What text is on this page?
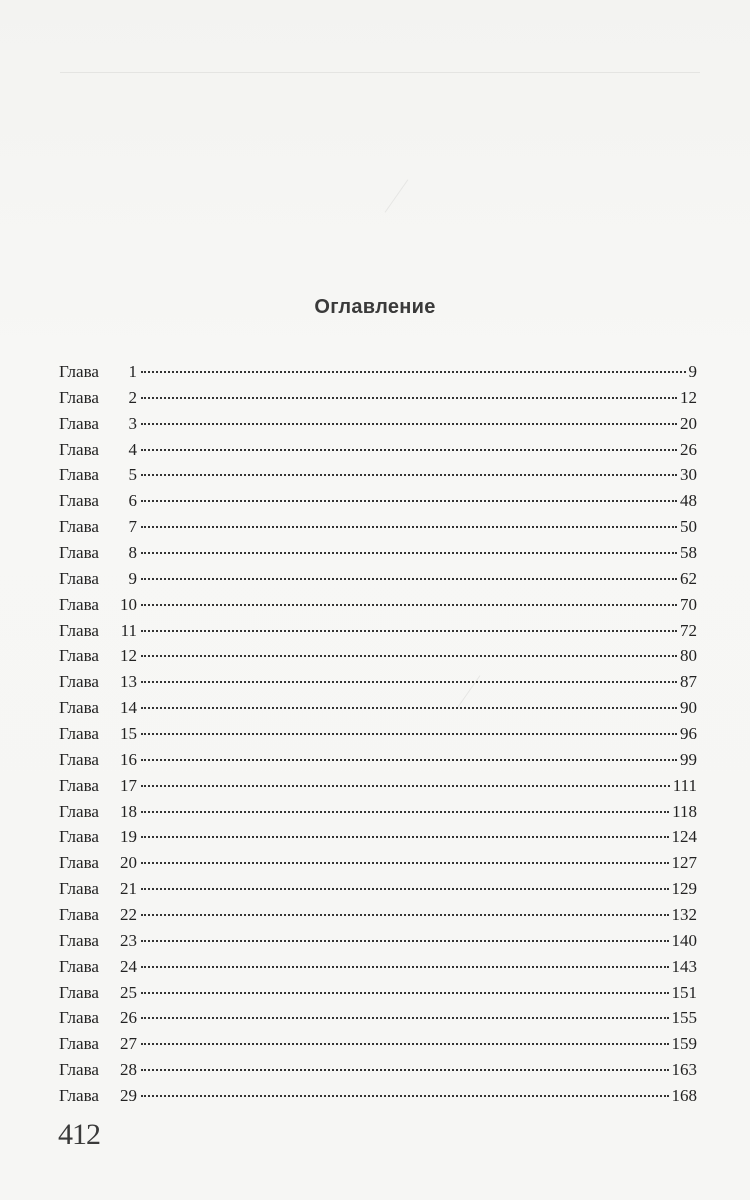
Оглавление
Глава	1	9
Глава	2	12
Глава	3	20
Глава	4	26
Глава	5	30
Глава	6	48
Глава	7	50
Глава	8	58
Глава	9	62
Глава	10	70
Глава	11	72
Глава	12	80
Глава	13	87
Глава	14	90
Глава	15	96
Глава	16	99
Глава	17	111
Глава	18	118
Глава	19	124
Глава	20	127
Глава	21	129
Глава	22	132
Глава	23	140
Глава	24	143
Глава	25	151
Глава	26	155
Глава	27	159
Глава	28	163
Глава	29	168
412
